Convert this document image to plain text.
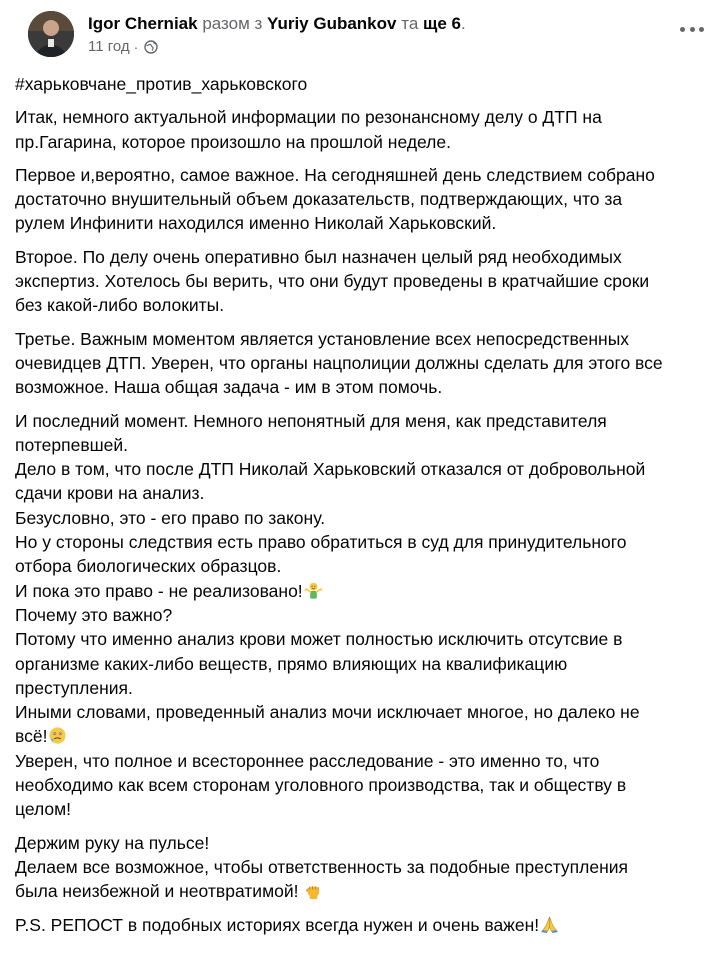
Igor Cherniak разом з Yuriy Gubankov та ще 6.
11 год ·

#харьковчане_против_харьковского

Итак, немного актуальной информации по резонансному делу о ДТП на
пр.Гагарина, которое произошло на прошлой неделе.

Первое и,вероятно, самое важное. На сегодняшней день следствием собрано
достаточно внушительный объем доказательств, подтверждающих, что за
рулем Инфинити находился именно Николай Харьковский.

Второе. По делу очень оперативно был назначен целый ряд необходимых
экспертиз. Хотелось бы верить, что они будут проведены в кратчайшие сроки
без какой-либо волокиты.

Третье. Важным моментом является установление всех непосредственных
очевидцев ДТП. Уверен, что органы нацполиции должны сделать для этого все
возможное. Наша общая задача - им в этом помочь.

И последний момент. Немного непонятный для меня, как представителя
потерпевшей.
Дело в том, что после ДТП Николай Харьковский отказался от добровольной
сдачи крови на анализ.
Безусловно, это - его право по закону.
Но у стороны следствия есть право обратиться в суд для принудительного
отбора биологических образцов.
И пока это право - не реализовано!
Почему это важно?
Потому что именно анализ крови может полностью исключить отсутсвие в
организме каких-либо веществ, прямо влияющих на квалификацию
преступления.
Иными словами, проведенный анализ мочи исключает многое, но далеко не
всё!
Уверен, что полное и всестороннее расследование - это именно то, что
необходимо как всем сторонам уголовного производства, так и обществу в
целом!

Держим руку на пульсе!
Делаем все возможное, чтобы ответственность за подобные преступления
была неизбежной и неотвратимой!

P.S. РЕПОСТ в подобных историях всегда нужен и очень важен!
